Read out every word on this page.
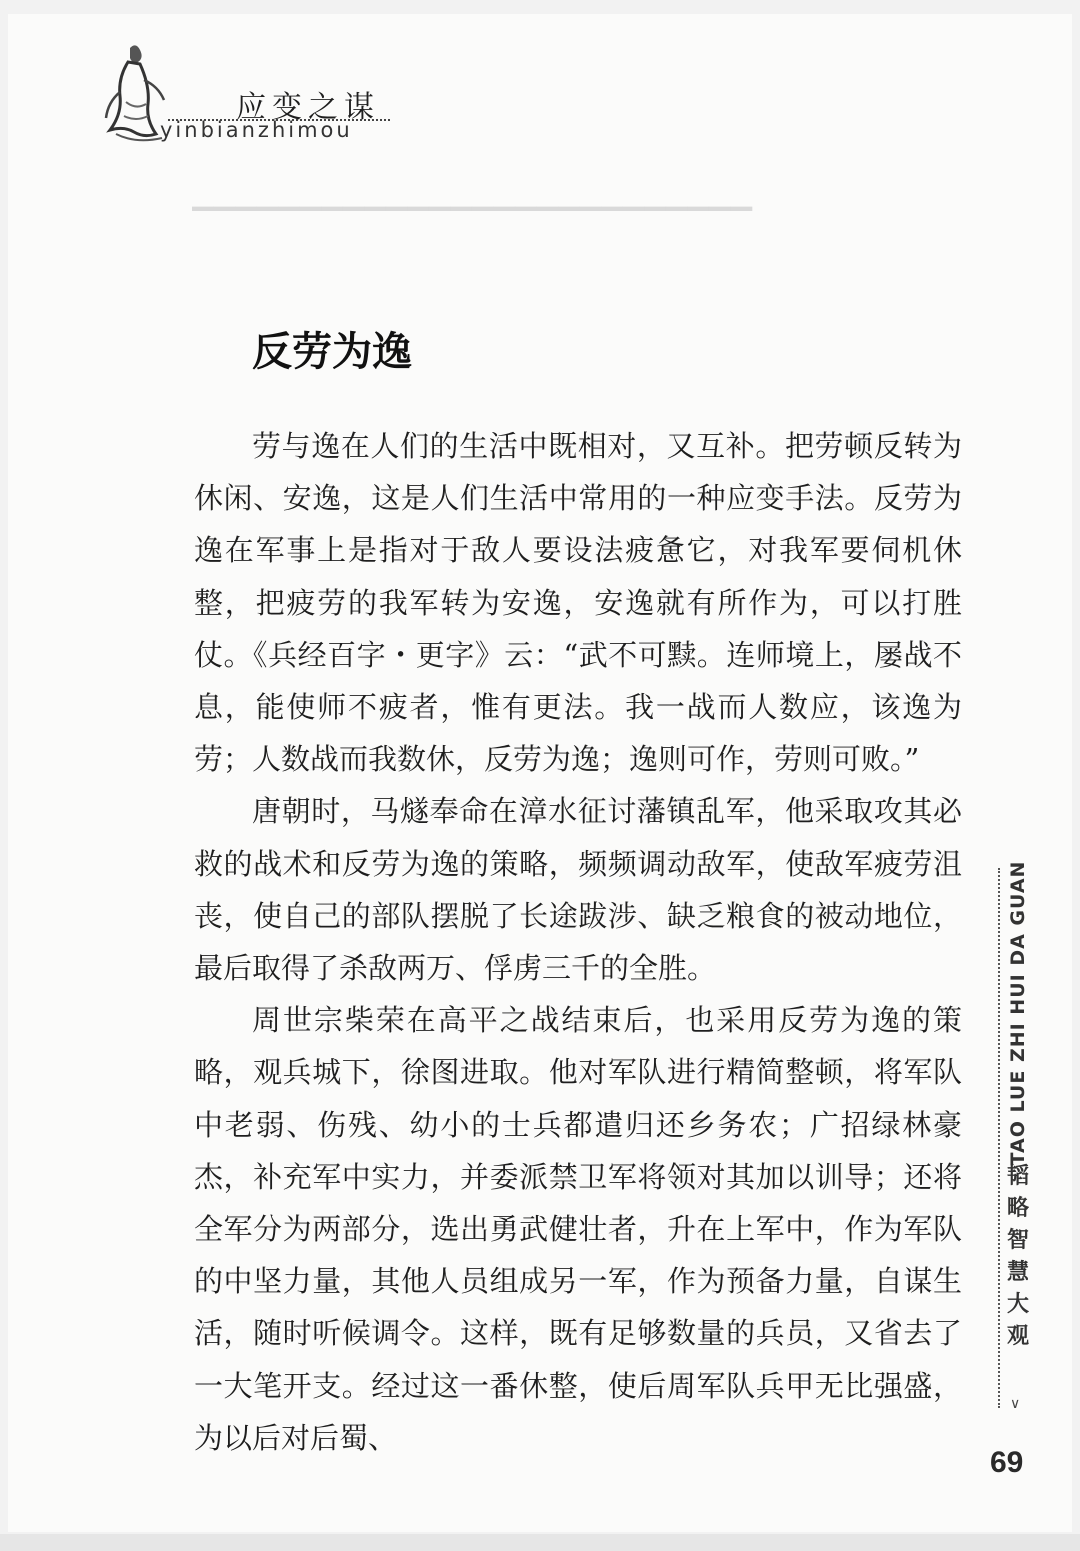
应变之谋
yinbianzhimou
▁▁▁▁▁▁▁▁▁▁▁▁▁▁▁▁▁▁▁▁▁▁▁▁▁▁
反劳为逸

劳与逸在人们的生活中既相对，又互补。把劳顿反转为休闲、安逸，这是人们生活中常用的一种应变手法。反劳为逸在军事上是指对于敌人要设法疲惫它，对我军要伺机休整，把疲劳的我军转为安逸，安逸就有所作为，可以打胜仗。《兵经百字・更字》云：“武不可黩。连师境上，屡战不息，能使师不疲者，惟有更法。我一战而人数应，该逸为劳；人数战而我数休，反劳为逸；逸则可作，劳则可败。”

唐朝时，马燧奉命在漳水征讨藩镇乱军，他采取攻其必救的战术和反劳为逸的策略，频频调动敌军，使敌军疲劳沮丧，使自己的部队摆脱了长途跋涉、缺乏粮食的被动地位，最后取得了杀敌两万、俘虏三千的全胜。

周世宗柴荣在高平之战结束后，也采用反劳为逸的策略，观兵城下，徐图进取。他对军队进行精简整顿，将军队中老弱、伤残、幼小的士兵都遣归还乡务农；广招绿林豪杰，补充军中实力，并委派禁卫军将领对其加以训导；还将全军分为两部分，选出勇武健壮者，升在上军中，作为军队的中坚力量，其他人员组成另一军，作为预备力量，自谋生活，随时听候调令。这样，既有足够数量的兵员，又省去了一大笔开支。经过这一番休整，使后周军队兵甲无比强盛，为以后对后蜀、

TAO LUE ZHI HUI DA GUAN
韬略智慧大观
∨
69
